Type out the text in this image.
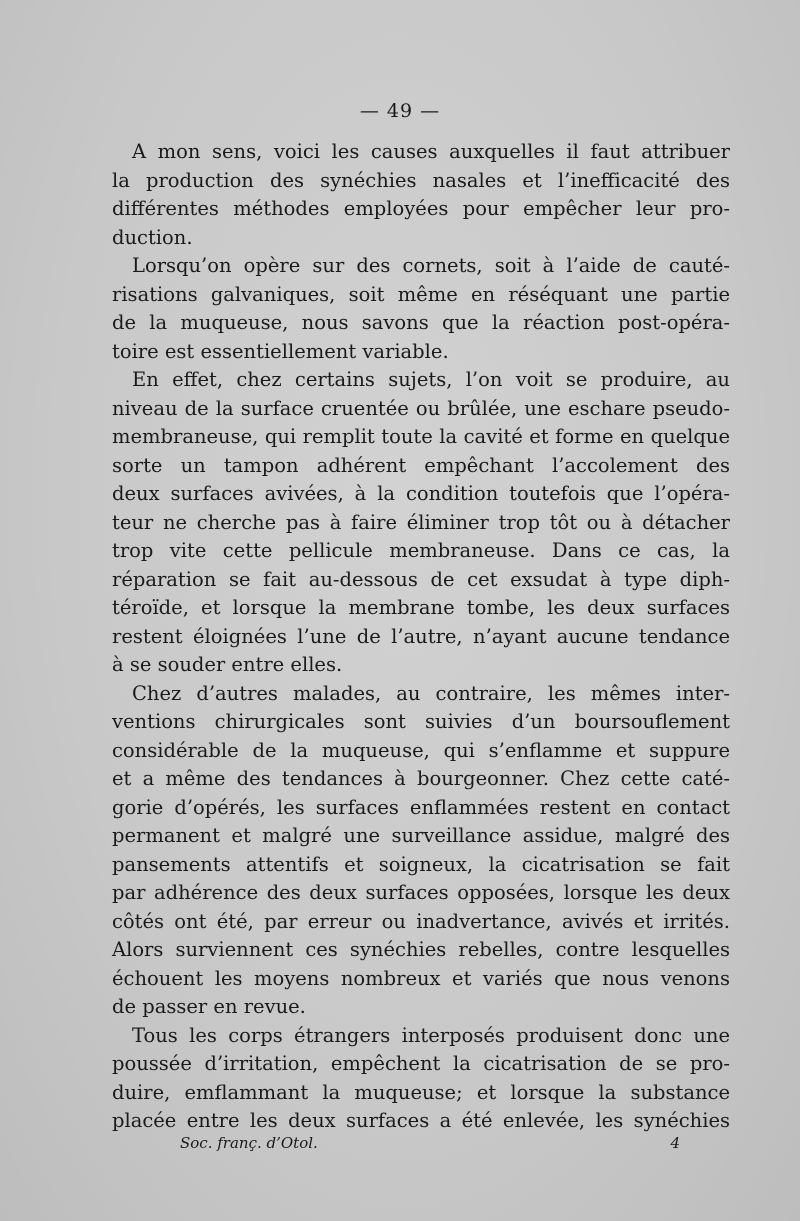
— 49 —

A mon sens, voici les causes auxquelles il faut attribuer
la production des synéchies nasales et l’inefficacité des
différentes méthodes employées pour empêcher leur pro-
duction.

Lorsqu’on opère sur des cornets, soit à l’aide de cauté-
risations galvaniques, soit même en réséquant une partie
de la muqueuse, nous savons que la réaction post-opéra-
toire est essentiellement variable.

En effet, chez certains sujets, l’on voit se produire, au
niveau de la surface cruentée ou brûlée, une eschare pseudo-
membraneuse, qui remplit toute la cavité et forme en quelque
sorte un tampon adhérent empêchant l’accolement des
deux surfaces avivées, à la condition toutefois que l’opéra-
teur ne cherche pas à faire éliminer trop tôt ou à détacher
trop vite cette pellicule membraneuse. Dans ce cas, la
réparation se fait au-dessous de cet exsudat à type diph-
téroïde, et lorsque la membrane tombe, les deux surfaces
restent éloignées l’une de l’autre, n’ayant aucune tendance
à se souder entre elles.

Chez d’autres malades, au contraire, les mêmes inter-
ventions chirurgicales sont suivies d’un boursouflement
considérable de la muqueuse, qui s’enflamme et suppure
et a même des tendances à bourgeonner. Chez cette caté-
gorie d’opérés, les surfaces enflammées restent en contact
permanent et malgré une surveillance assidue, malgré des
pansements attentifs et soigneux, la cicatrisation se fait
par adhérence des deux surfaces opposées, lorsque les deux
côtés ont été, par erreur ou inadvertance, avivés et irrités.
Alors surviennent ces synéchies rebelles, contre lesquelles
échouent les moyens nombreux et variés que nous venons
de passer en revue.

Tous les corps étrangers interposés produisent donc une
poussée d’irritation, empêchent la cicatrisation de se pro-
duire, emflammant la muqueuse; et lorsque la substance
placée entre les deux surfaces a été enlevée, les synéchies

Soc. franç. d’Otol.	4
